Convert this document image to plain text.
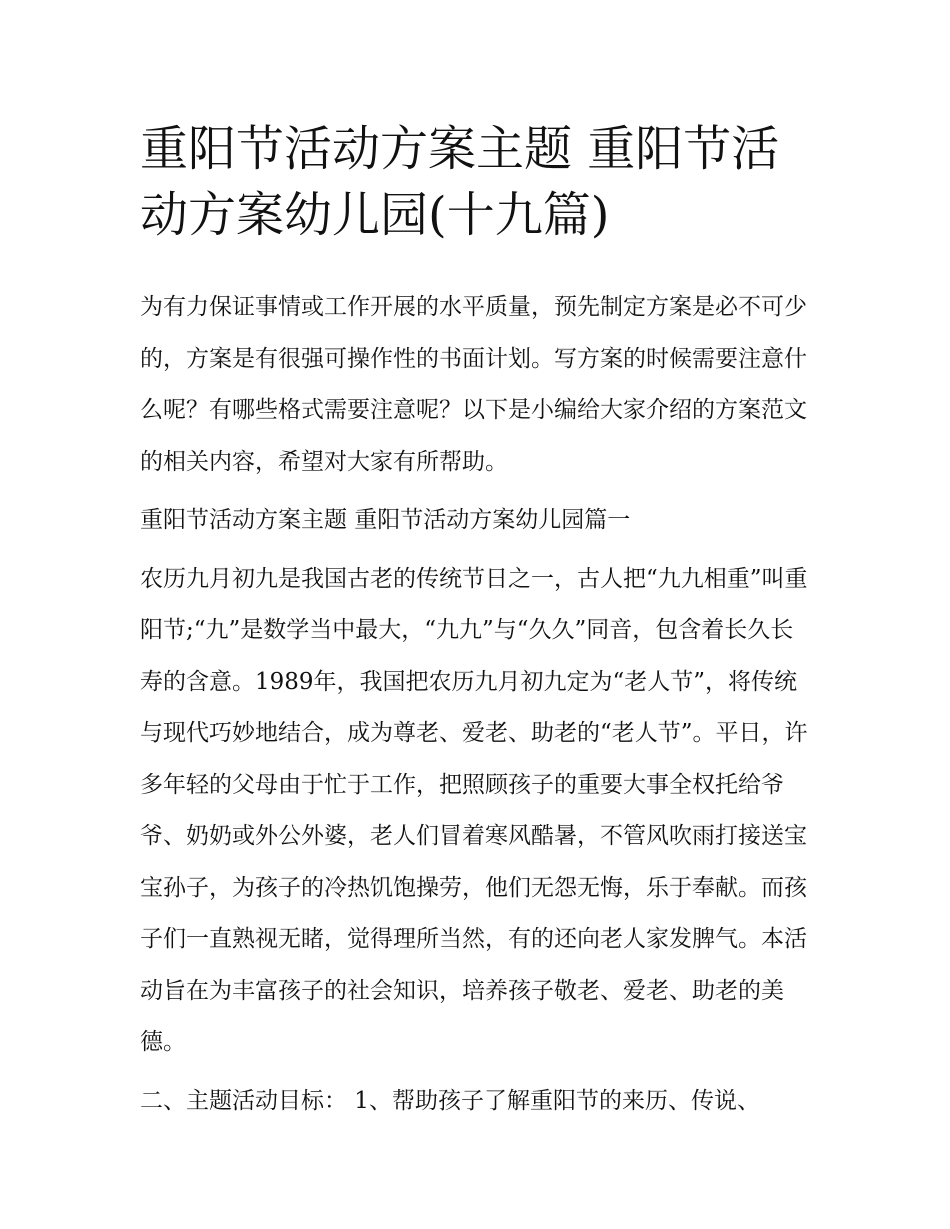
重阳节活动方案主题 重阳节活动方案幼儿园(十九篇)

为有力保证事情或工作开展的水平质量，预先制定方案是必不可少的，方案是有很强可操作性的书面计划。写方案的时候需要注意什么呢？有哪些格式需要注意呢？以下是小编给大家介绍的方案范文的相关内容，希望对大家有所帮助。

重阳节活动方案主题 重阳节活动方案幼儿园篇一

农历九月初九是我国古老的传统节日之一，古人把“九九相重”叫重阳节;“九”是数学当中最大，“九九”与“久久”同音，包含着长久长寿的含意。1989年，我国把农历九月初九定为“老人节”，将传统与现代巧妙地结合，成为尊老、爱老、助老的“老人节”。平日，许多年轻的父母由于忙于工作，把照顾孩子的重要大事全权托给爷爷、奶奶或外公外婆，老人们冒着寒风酷暑，不管风吹雨打接送宝宝孙子，为孩子的冷热饥饱操劳，他们无怨无悔，乐于奉献。而孩子们一直熟视无睹，觉得理所当然，有的还向老人家发脾气。本活动旨在为丰富孩子的社会知识，培养孩子敬老、爱老、助老的美德。

二、主题活动目标： 1、帮助孩子了解重阳节的来历、传说、
